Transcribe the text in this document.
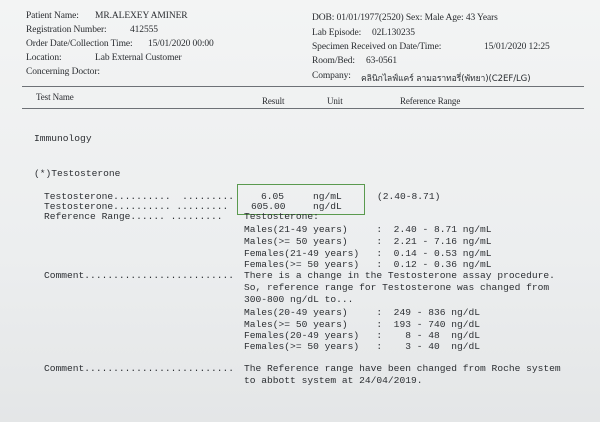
Patient Name: MR.ALEXEY AMINER
Registration Number: 412555
Order Date/Collection Time: 15/01/2020 00:00
Location:	Lab External Customer
Concerning Doctor:
DOB: 01/01/1977(2520) Sex: Male Age: 43 Years
Lab Episode: 02L130235
Specimen Received on Date/Time:	15/01/2020 12:25
Room/Bed: 63-0561
Company: คลินิกไลฟ์แคร์ ลามอราทอรี่(พัทยา)(C2EF/LG)
Test Name	Result	Unit	Reference Range
Immunology
(*)Testosterone
Testosterone..........  .........	6.05	ng/mL	(2.40-8.71)
Testosterone.......... ......... 605.00	ng/dL
Reference Range...... ......... Testosterone:
Males(21-49 years)     :  2.40 - 8.71 ng/mL
Males(>= 50 years)     :  2.21 - 7.16 ng/mL
Females(21-49 years)   :  0.14 - 0.53 ng/mL
Females(>= 50 years)   :  0.12 - 0.36 ng/mL
Comment.......................... There is a change in the Testosterone assay procedure.
So, reference range for Testosterone was changed from
300-800 ng/dL to...
Males(20-49 years)     :  249 - 836 ng/dL
Males(>= 50 years)     :  193 - 740 ng/dL
Females(20-49 years)   :    8 - 48  ng/dL
Females(>= 50 years)   :    3 - 40  ng/dL
Comment.......................... The Reference range have been changed from Roche system
to abbott system at 24/04/2019.
